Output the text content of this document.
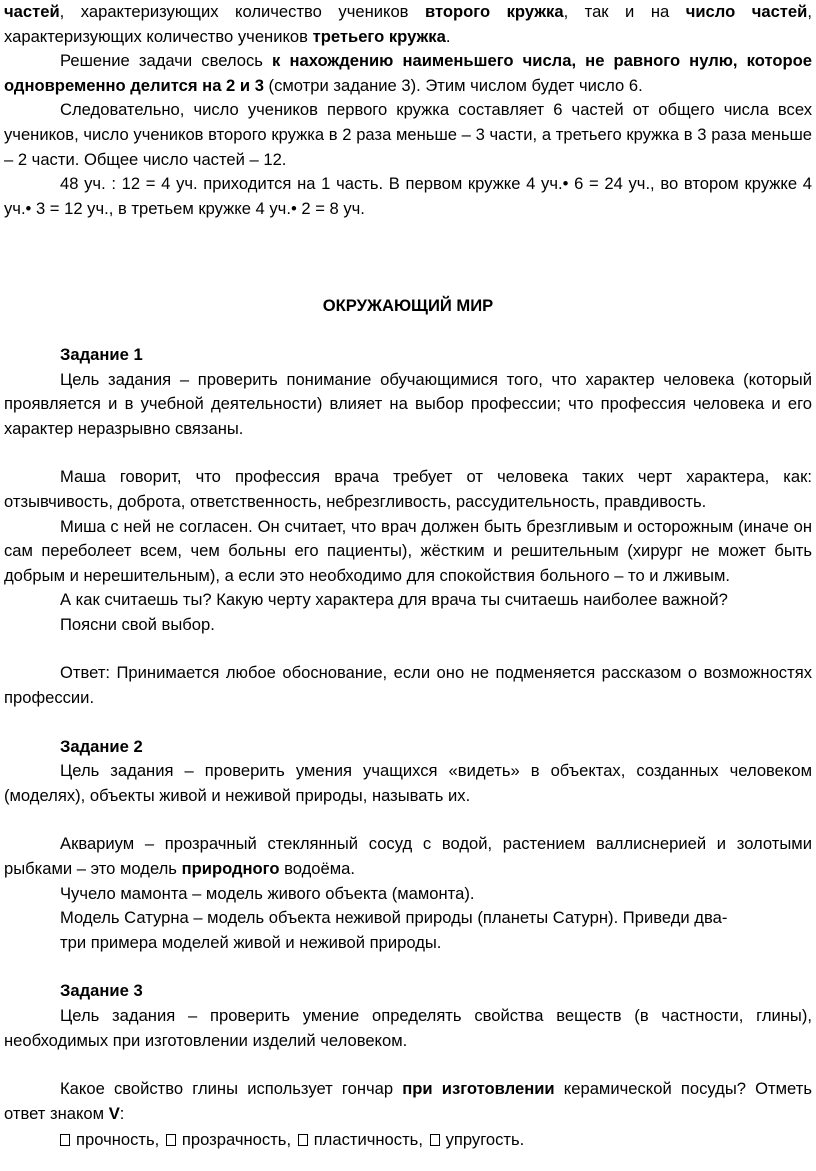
частей, характеризующих количество учеников второго кружка, так и на число частей, характеризующих количество учеников третьего кружка.

Решение задачи свелось к нахождению наименьшего числа, не равного нулю, которое одновременно делится на 2 и 3 (смотри задание 3). Этим числом будет число 6.

Следовательно, число учеников первого кружка составляет 6 частей от общего числа всех учеников, число учеников второго кружка в 2 раза меньше – 3 части, а третьего кружка в 3 раза меньше – 2 части. Общее число частей – 12.

48 уч. : 12 = 4 уч. приходится на 1 часть. В первом кружке 4 уч.• 6 = 24 уч., во втором кружке 4 уч.• 3 = 12 уч., в третьем кружке 4 уч.• 2 = 8 уч.

ОКРУЖАЮЩИЙ МИР

Задание 1

Цель задания – проверить понимание обучающимися того, что характер человека (который проявляется и в учебной деятельности) влияет на выбор профессии; что профессия человека и его характер неразрывно связаны.

Маша говорит, что профессия врача требует от человека таких черт характера, как: отзывчивость, доброта, ответственность, небрезгливость, рассудительность, правдивость.

Миша с ней не согласен. Он считает, что врач должен быть брезгливым и осторожным (иначе он сам переболеет всем, чем больны его пациенты), жёстким и решительным (хирург не может быть добрым и нерешительным), а если это необходимо для спокойствия больного – то и лживым.

А как считаешь ты? Какую черту характера для врача ты считаешь наиболее важной?

Поясни свой выбор.

Ответ: Принимается любое обоснование, если оно не подменяется рассказом о возможностях профессии.

Задание 2

Цель задания – проверить умения учащихся «видеть» в объектах, созданных человеком (моделях), объекты живой и неживой природы, называть их.

Аквариум – прозрачный стеклянный сосуд с водой, растением валлиснерией и золотыми рыбками – это модель природного водоёма.

Чучело мамонта – модель живого объекта (мамонта).

Модель Сатурна – модель объекта неживой природы (планеты Сатурн). Приведи два-три примера моделей живой и неживой природы.

Задание 3

Цель задания – проверить умение определять свойства веществ (в частности, глины), необходимых при изготовлении изделий человеком.

Какое свойство глины использует гончар при изготовлении керамической посуды? Отметь ответ знаком V:

прочность, прозрачность, пластичность, упругость.
